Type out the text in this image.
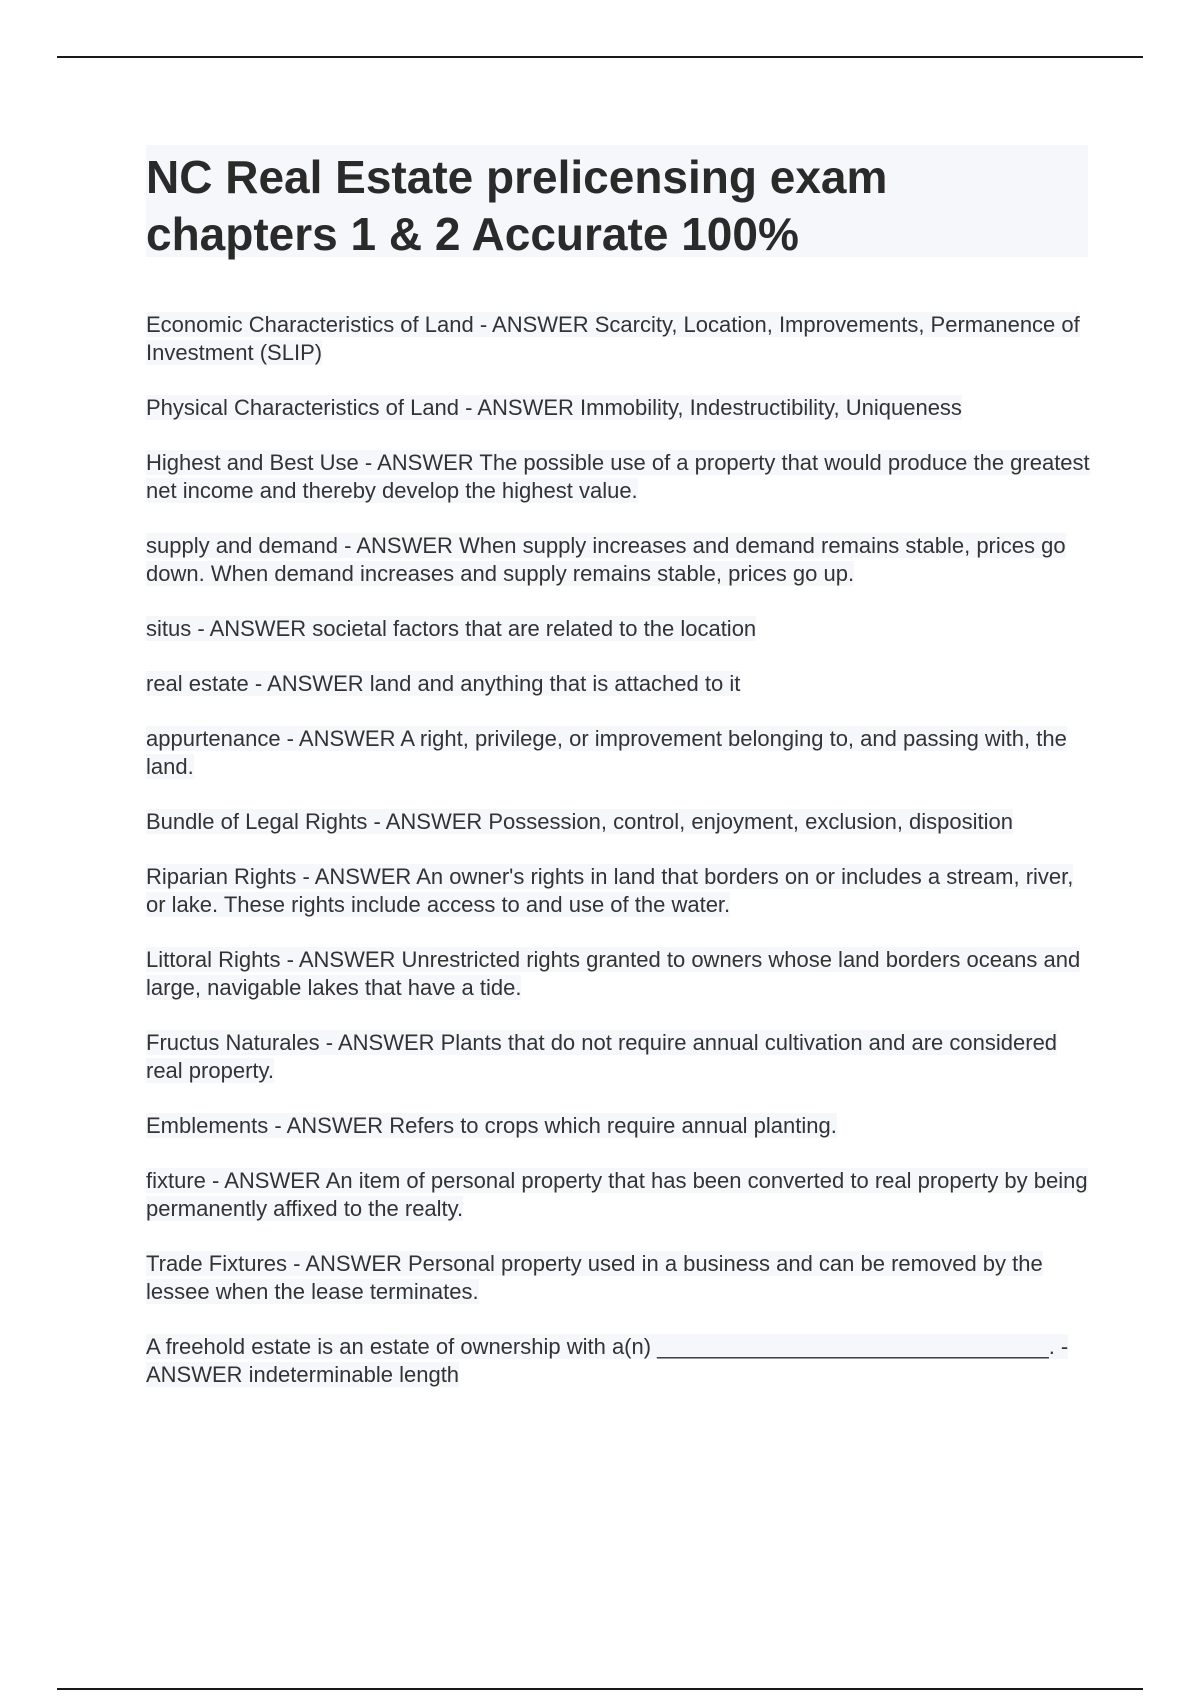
NC Real Estate prelicensing exam chapters 1 & 2 Accurate 100%

Economic Characteristics of Land - ANSWER Scarcity, Location, Improvements, Permanence of Investment (SLIP)

Physical Characteristics of Land - ANSWER Immobility, Indestructibility, Uniqueness

Highest and Best Use - ANSWER The possible use of a property that would produce the greatest net income and thereby develop the highest value.

supply and demand - ANSWER When supply increases and demand remains stable, prices go down. When demand increases and supply remains stable, prices go up.

situs - ANSWER societal factors that are related to the location

real estate - ANSWER land and anything that is attached to it

appurtenance - ANSWER A right, privilege, or improvement belonging to, and passing with, the land.

Bundle of Legal Rights - ANSWER Possession, control, enjoyment, exclusion, disposition

Riparian Rights - ANSWER An owner's rights in land that borders on or includes a stream, river, or lake. These rights include access to and use of the water.

Littoral Rights - ANSWER Unrestricted rights granted to owners whose land borders oceans and large, navigable lakes that have a tide.

Fructus Naturales - ANSWER Plants that do not require annual cultivation and are considered real property.

Emblements - ANSWER Refers to crops which require annual planting.

fixture - ANSWER An item of personal property that has been converted to real property by being permanently affixed to the realty.

Trade Fixtures - ANSWER Personal property used in a business and can be removed by the lessee when the lease terminates.

A freehold estate is an estate of ownership with a(n) ________________________________. - ANSWER indeterminable length
